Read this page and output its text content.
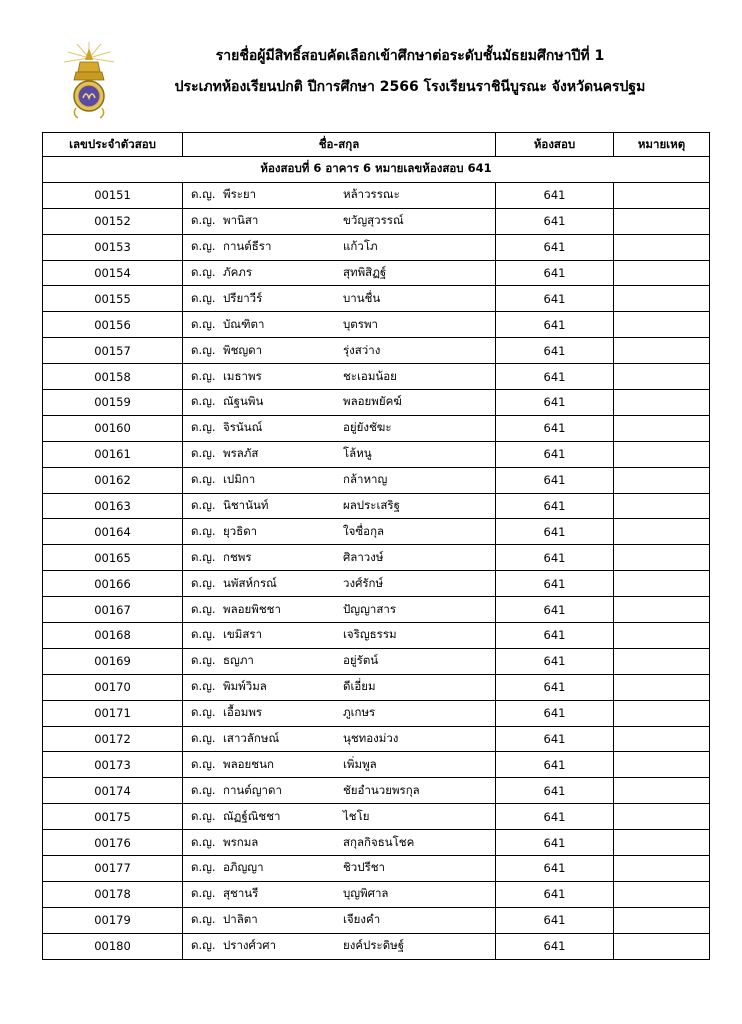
รายชื่อผู้มีสิทธิ์สอบคัดเลือกเข้าศึกษาต่อระดับชั้นมัธยมศึกษาปีที่ 1
ประเภทห้องเรียนปกติ ปีการศึกษา 2566 โรงเรียนราชินีบูรณะ จังหวัดนครปฐม
เลขประจำตัวสอบ	ชื่อ-สกุล	ห้องสอบ	หมายเหตุ
ห้องสอบที่ 6 อาคาร 6 หมายเลขห้องสอบ 641			
00151	ด.ญ. พีระยา หล้าวรรณะ	641	
00152	ด.ญ. พานิสา ขวัญสุวรรณ์	641	
00153	ด.ญ. กานต์ธีรา แก้วโภ	641	
00154	ด.ญ. ภัคภร สุทพิสิฏฐ์	641	
00155	ด.ญ. ปรียาวีร์ บานชื่น	641	
00156	ด.ญ. บัณฑิตา บุตรพา	641	
00157	ด.ญ. พิชญดา รุ่งสว่าง	641	
00158	ด.ญ. เมธาพร ชะเอมน้อย	641	
00159	ด.ญ. ณัฐนพิน พลอยพยัคฆ์	641	
00160	ด.ญ. จิรนันณ์ อยู่ยังชัฆะ	641	
00161	ด.ญ. พรลภัส โล้หนู	641	
00162	ด.ญ. เปมิกา กล้าหาญ	641	
00163	ด.ญ. นิชานันท์ ผลประเสริฐ	641	
00164	ด.ญ. ยุวธิดา ใจซื่อกุล	641	
00165	ด.ญ. กชพร ศิลาวงษ์	641	
00166	ด.ญ. นพัสห์กรณ์ วงศ์รักษ์	641	
00167	ด.ญ. พลอยพิชชา ปัญญาสาร	641	
00168	ด.ญ. เขมิสรา เจริญธรรม	641	
00169	ด.ญ. ธญภา อยู่รัตน์	641	
00170	ด.ญ. พิมพ์วิมล ดีเอี่ยม	641	
00171	ด.ญ. เอื้อมพร ภูเกษร	641	
00172	ด.ญ. เสาวลักษณ์ นุชทองม่วง	641	
00173	ด.ญ. พลอยชนก เพิ่มพูล	641	
00174	ด.ญ. กานต์ญาดา ชัยอำนวยพรกุล	641	
00175	ด.ญ. ณัฏฐ์ณิชชา ไชโย	641	
00176	ด.ญ. พรกมล สกุลกิจธนโชค	641	
00177	ด.ญ. อภิญญา ชิวปรีชา	641	
00178	ด.ญ. สุชานรี บุญพิศาล	641	
00179	ด.ญ. ปาลิตา เจียงคำ	641	
00180	ด.ญ. ปรางศ์วศา ยงค์ประดิษฐ์	641	
